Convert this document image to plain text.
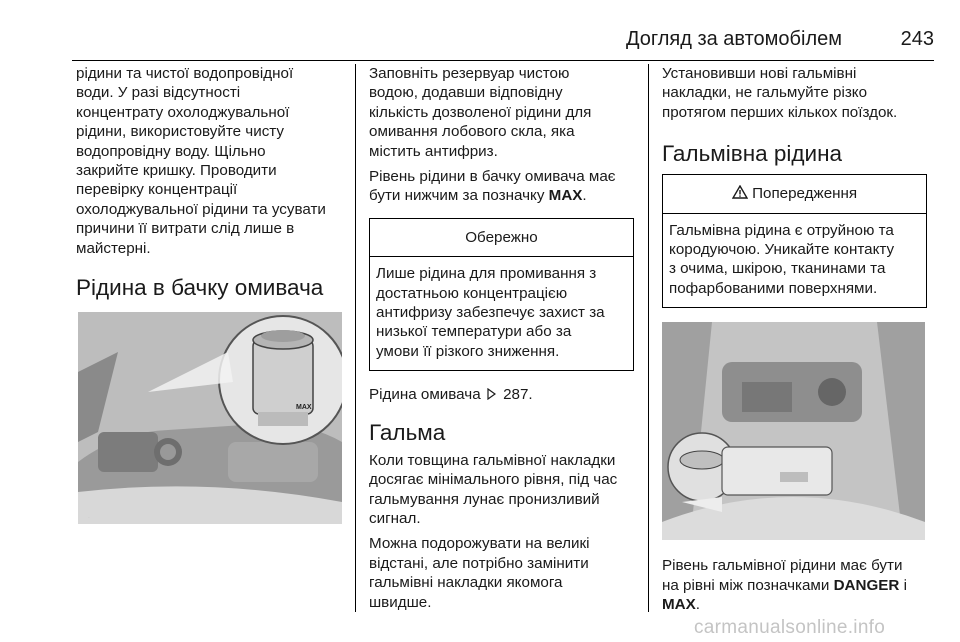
Догляд за автомобілем	243

рідини та чистої водопровідної
води. У разі відсутності
концентрату охолоджувальної
рідини, використовуйте чисту
водопровідну воду. Щільно
закрийте кришку. Проводити
перевірку концентрації
охолоджувальної рідини та усувати
причини її витрати слід лише в
майстерні.

Рідина в бачку омивача
MAX
MAX

Заповніть резервуар чистою
водою, додавши відповідну
кількість дозволеної рідини для
омивання лобового скла, яка
містить антифриз.

Рівень рідини в бачку омивача має
бути нижчим за позначку MAX.

Обережно
Лише рідина для промивання з
достатньою концентрацією
антифризу забезпечує захист за
низької температури або за
умови її різкого зниження.

Рідина омивача  287.

Гальма

Коли товщина гальмівної накладки
досягає мінімального рівня, під час
гальмування лунає пронизливий
сигнал.

Можна подорожувати на великі
відстані, але потрібно замінити
гальмівні накладки якомога
швидше.

Установивши нові гальмівні
накладки, не гальмуйте різко
протягом перших кількох поїздок.

Гальмівна рідина
Попередження
Гальмівна рідина є отруйною та
кородуючою. Уникайте контакту
з очима, шкірою, тканинами та
пофарбованими поверхнями.

Рівень гальмівної рідини має бути
на рівні між позначками DANGER і
MAX.

carmanualsonline.info
